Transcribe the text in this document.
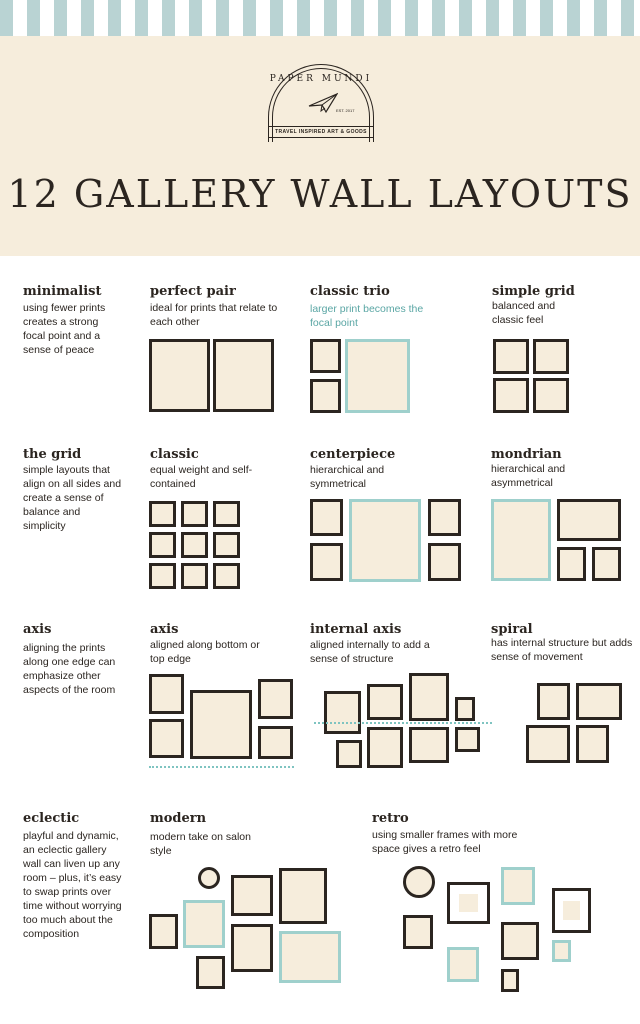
PAPER MUNDI
EST. 2017
TRAVEL INSPIRED ART & GOODS
12 GALLERY WALL LAYOUTS
minimalist
using fewer prints creates a strong focal point and a sense of peace
perfect pair
ideal for prints that relate to each other
classic trio
larger print becomes the focal point
simple grid
balanced and classic feel
the grid
simple layouts that align on all sides and create a sense of balance and simplicity
classic
equal weight and self-contained
centerpiece
hierarchical and symmetrical
mondrian
hierarchical and asymmetrical
axis
aligning the prints along one edge can emphasize other aspects of the room
axis
aligned along bottom or top edge
internal axis
aligned internally to add a sense of structure
spiral
has internal structure but adds sense of movement
eclectic
playful and dynamic, an eclectic gallery wall can liven up any room – plus, it’s easy to swap prints over time without worrying too much about the composition
modern
modern take on salon style
retro
using smaller frames with more space gives a retro feel
